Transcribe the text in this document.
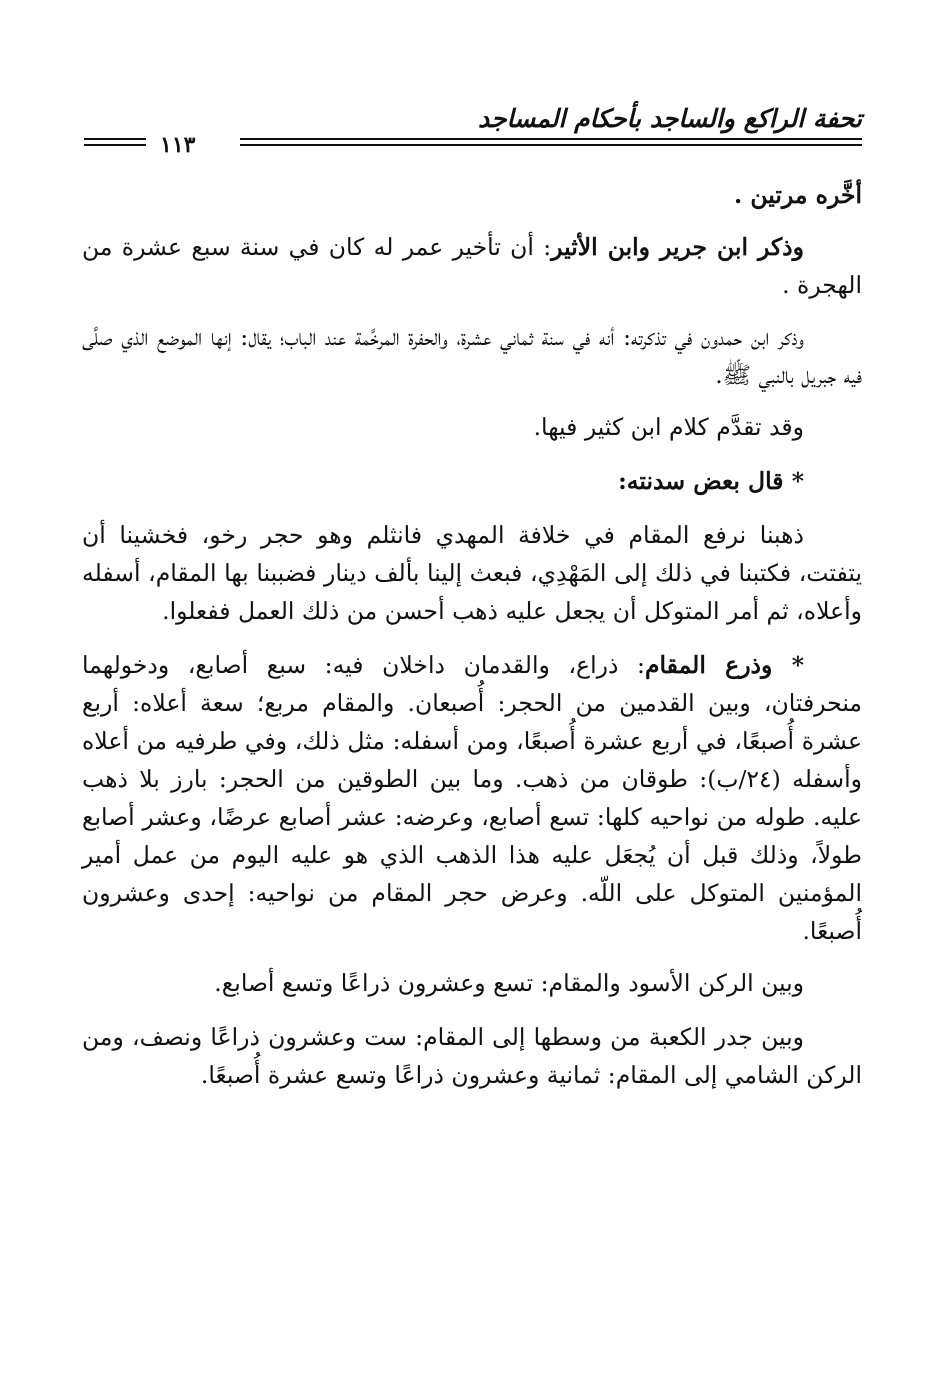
تحفة الراكع والساجد بأحكام المساجد
١١٣

أخَّره مرتين .

وذكر ابن جرير وابن الأثير: أن تأخير عمر له كان في سنة سبع عشرة من الهجرة .

وذكر ابن حمدون في تذكرته: أنه في سنة ثماني عشرة، والحفرة المرخَّمة عند الباب؛ يقال: إنها الموضع الذي صلَّى فيه جبريل بالنبي ﷺ.

وقد تقدَّم كلام ابن كثير فيها.

* قال بعض سدنته:

ذهبنا نرفع المقام في خلافة المهدي فانثلم وهو حجر رخو، فخشينا أن يتفتت، فكتبنا في ذلك إلى المَهْدِي، فبعث إلينا بألف دينار فضببنا بها المقام، أسفله وأعلاه، ثم أمر المتوكل أن يجعل عليه ذهب أحسن من ذلك العمل ففعلوا.

* وذرع المقام: ذراع، والقدمان داخلان فيه: سبع أصابع، ودخولهما منحرفتان، وبين القدمين من الحجر: أُصبعان. والمقام مربع؛ سعة أعلاه: أربع عشرة أُصبعًا، في أربع عشرة أُصبعًا، ومن أسفله: مثل ذلك، وفي طرفيه من أعلاه وأسفله (٢٤/ب): طوقان من ذهب. وما بين الطوقين من الحجر: بارز بلا ذهب عليه. طوله من نواحيه كلها: تسع أصابع، وعرضه: عشر أصابع عرضًا، وعشر أصابع طولاً، وذلك قبل أن يُجعَل عليه هذا الذهب الذي هو عليه اليوم من عمل أمير المؤمنين المتوكل على اللّه. وعرض حجر المقام من نواحيه: إحدى وعشرون أُصبعًا.

وبين الركن الأسود والمقام: تسع وعشرون ذراعًا وتسع أصابع.

وبين جدر الكعبة من وسطها إلى المقام: ست وعشرون ذراعًا ونصف، ومن الركن الشامي إلى المقام: ثمانية وعشرون ذراعًا وتسع عشرة أُصبعًا.
